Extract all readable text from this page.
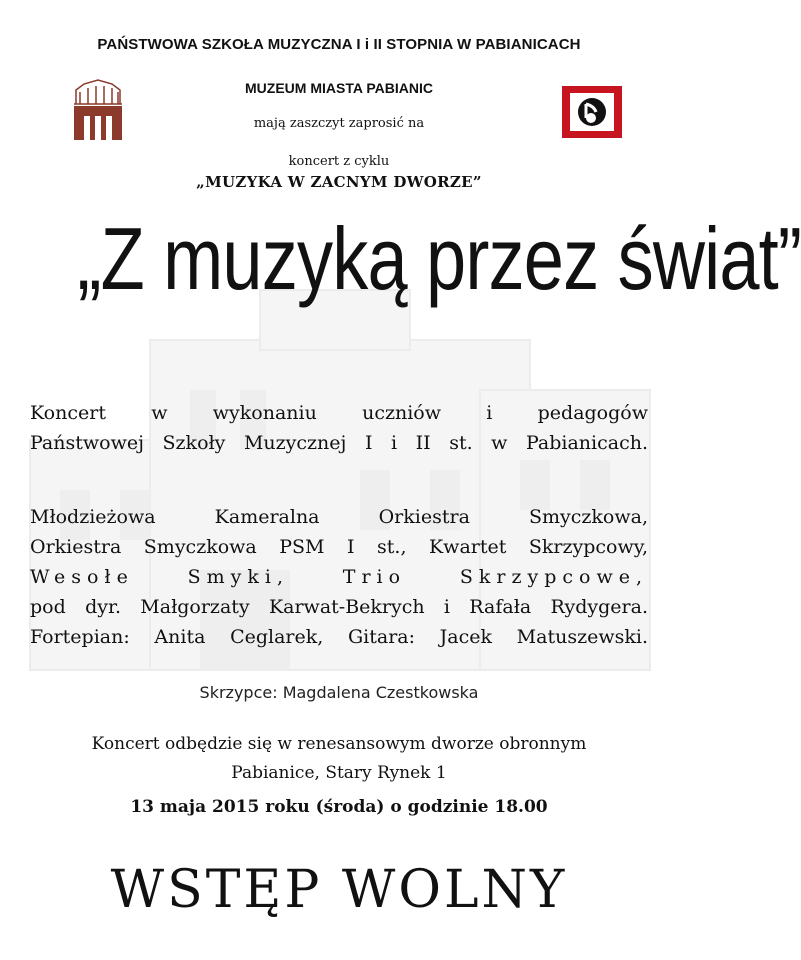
PAŃSTWOWA SZKOŁA MUZYCZNA I i II STOPNIA W PABIANICACH
MUZEUM MIASTA PABIANIC
mają zaszczyt zaprosić na
koncert z cyklu
„MUZYKA W ZACNYM DWORZE”
„Z muzyką przez świat”
Koncert w wykonaniu uczniów i pedagogów
Państwowej Szkoły Muzycznej I i II st. w Pabianicach.
Młodzieżowa Kameralna Orkiestra Smyczkowa,
Orkiestra Smyczkowa PSM I st., Kwartet Skrzypcowy,
Wesołe Smyki, Trio Skrzypcowe,
pod dyr. Małgorzaty Karwat-Bekrych i Rafała Rydygera.
Fortepian: Anita Ceglarek, Gitara: Jacek Matuszewski.
Skrzypce: Magdalena Czestkowska
Koncert odbędzie się w renesansowym dworze obronnym
Pabianice, Stary Rynek 1
13 maja 2015 roku (środa) o godzinie 18.00
WSTĘP WOLNY
